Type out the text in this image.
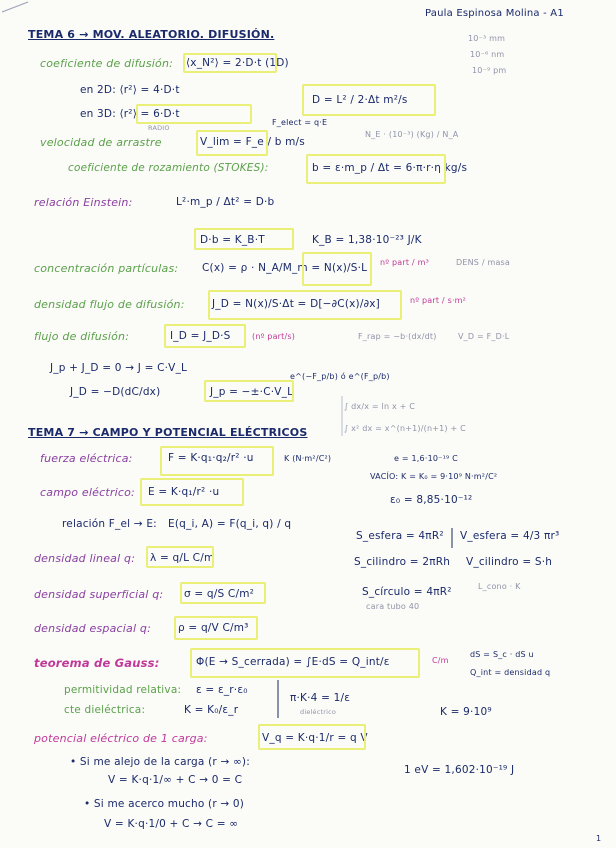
Paula Espinosa Molina - A1
10⁻³ mm
10⁻⁶ nm
10⁻⁹ pm
TEMA 6 → MOV. ALEATORIO. DIFUSIÓN.
coeficiente de difusión: ⟨x_N²⟩ = 2·D·t (1D)
en 2D: ⟨r²⟩ = 4·D·t
en 3D: ⟨r²⟩ = 6·D·t
D = L² / 2·Δt m²/s
RADIO
velocidad de arrastre	V_lim = F_e / b m/s
F_elect = q·E
N_E · (10⁻³) (Kg) / N_A
coeficiente de rozamiento (STOKES):	b = ε·m_p / Δt = 6·π·r·η kg/s
relación Einstein:	L²·m_p / Δt² = D·b
D·b = K_B·T	K_B = 1,38·10⁻²³ J/K
concentración partículas: C(x) = ρ · N_A/M_m = N(x)/S·L nº part / m³	DENS / masa
densidad flujo de difusión:	J_D = N(x)/S·Δt = D[−∂C(x)/∂x]	nº part / s·m²
flujo de difusión:	I_D = J_D·S	(nº part/s)	F_rap = −b·(dx/dt)	V_D = F_D·L
J_p + J_D = 0 → J = C·V_L
J_D = −D(dC/dx)	J_p = −±·C·V_L
e^(−F_p/b) ó e^(F_p/b)
TEMA 7 → CAMPO Y POTENCIAL ELÉCTRICOS
∫ dx/x = ln x + C
∫ x² dx = x^(n+1)/(n+1) + C
fuerza eléctrica:	F = K·q₁·q₂/r² ·u	K (N·m²/C²)	e = 1,6·10⁻¹⁹ C
VACÍO: K = K₀ = 9·10⁹ N·m²/C²
ε₀ = 8,85·10⁻¹²
campo eléctrico: E = K·q₁/r² ·u
relación F_el → E: E(q_i, A) = F(q_i, q) / q
densidad lineal q: λ = q/L C/m
S_esfera = 4πR² V_esfera = 4/3 πr³
S_cilindro = 2πRh V_cilindro = S·h
densidad superficial q: σ = q/S C/m²	S_círculo = 4πR²
cara tubo 40
L_cono · K
densidad espacial q:	ρ = q/V C/m³
teorema de Gauss:	Φ(E → S_cerrada) = ∫E·dS = Q_int/ε	C/m
dS = S_c · dS u
Q_int = densidad q
permitividad relativa: ε = ε_r·ε₀
cte dieléctrica:	K = K₀/ε_r
π·K·4 = 1/ε
dieléctrico	K = 9·10⁹
potencial eléctrico de 1 carga:	V_q = K·q·1/r = q V
• Si me alejo de la carga (r → ∞):
V = K·q·1/∞ + C → 0 = C
1 eV = 1,602·10⁻¹⁹ J
• Si me acerco mucho (r → 0)
V = K·q·1/0 + C → C = ∞
1
